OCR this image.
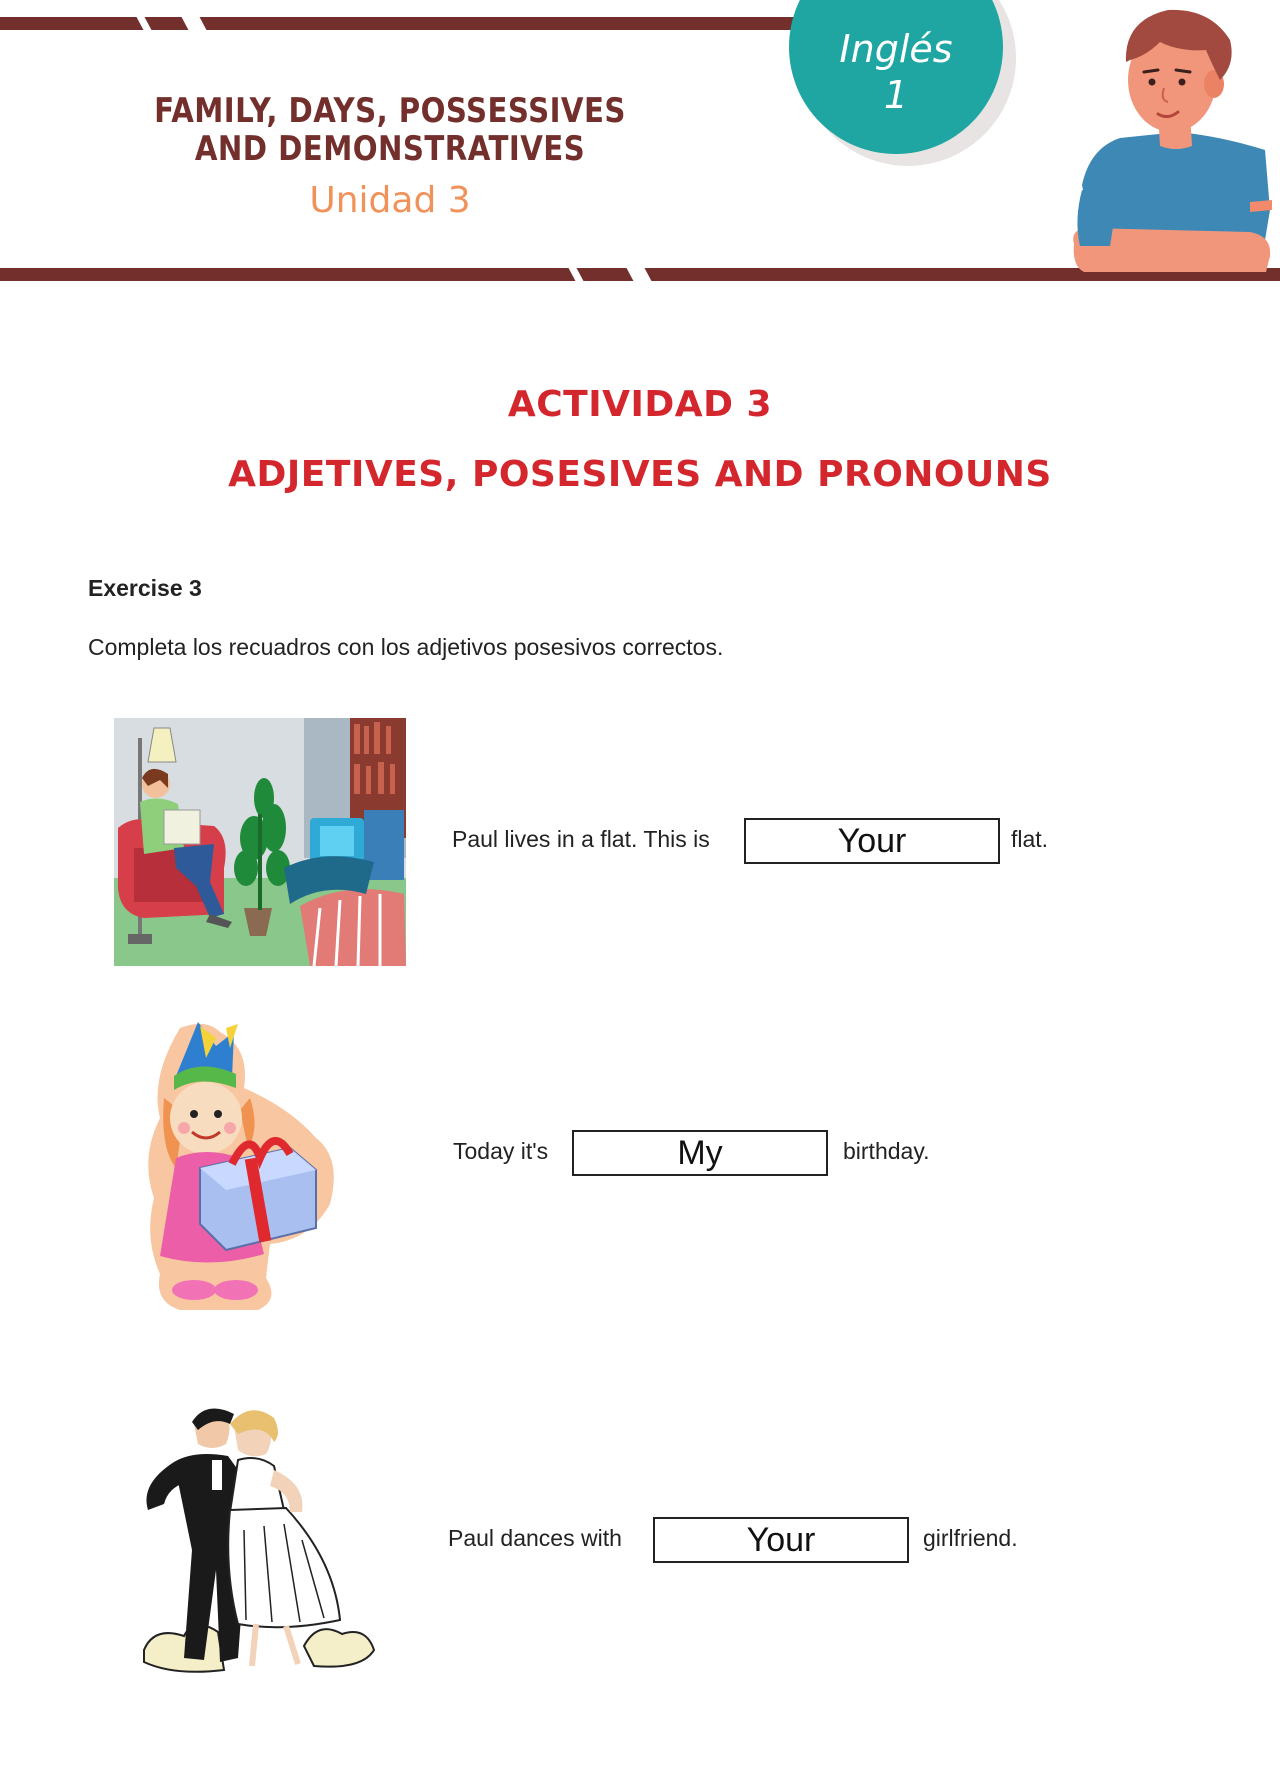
FAMILY, DAYS, POSSESSIVES
AND DEMONSTRATIVES
Unidad 3
Inglés
1
ACTIVIDAD 3
ADJETIVES, POSESIVES AND PRONOUNS
Exercise 3
Completa los recuadros con los adjetivos posesivos correctos.
Paul lives in a flat. This is	Your	flat.
Today it's	My	birthday.
Paul dances with	Your	girlfriend.
